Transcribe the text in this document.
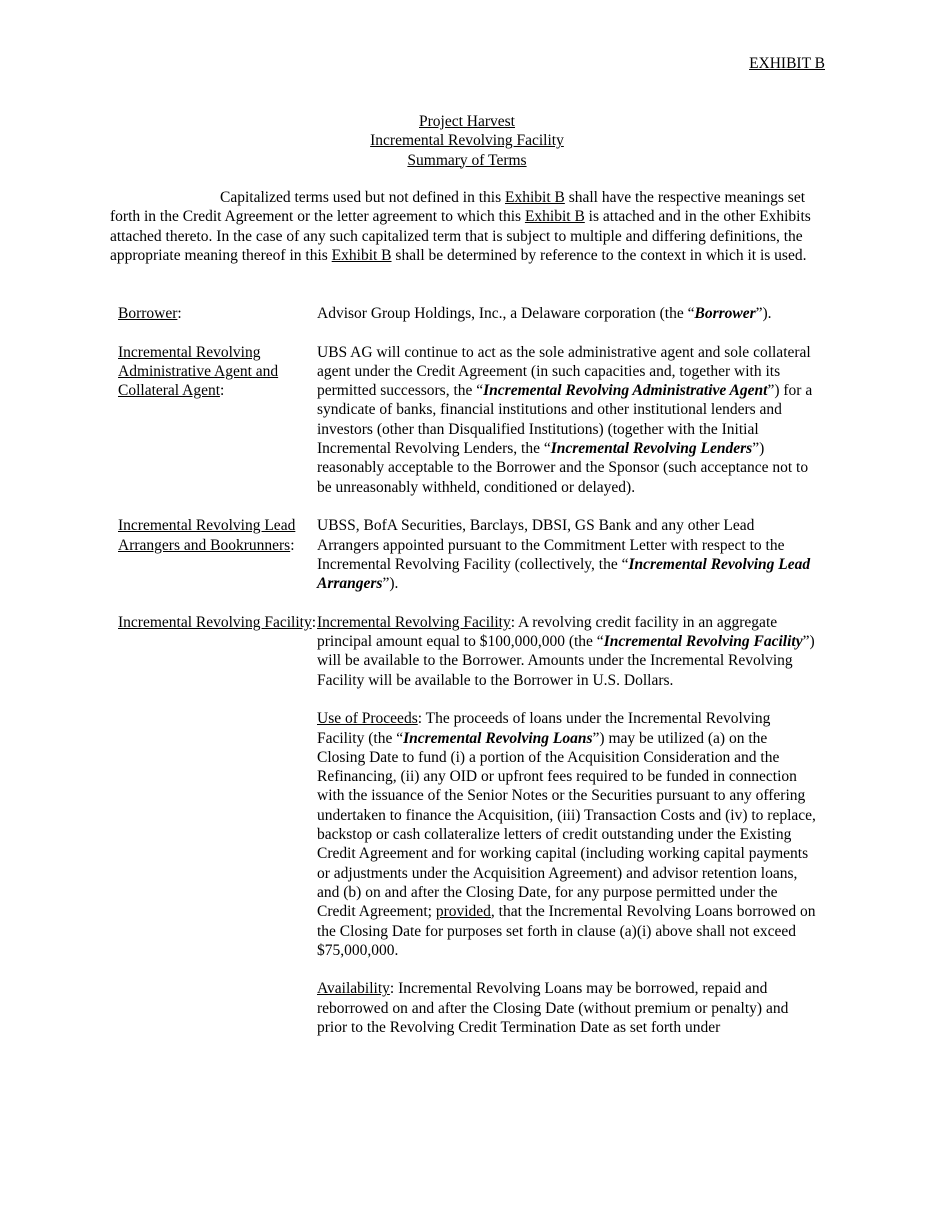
EXHIBIT B
Project Harvest
Incremental Revolving Facility
Summary of Terms

Capitalized terms used but not defined in this Exhibit B shall have the respective meanings set forth in the Credit Agreement or the letter agreement to which this Exhibit B is attached and in the other Exhibits attached thereto. In the case of any such capitalized term that is subject to multiple and differing definitions, the appropriate meaning thereof in this Exhibit B shall be determined by reference to the context in which it is used.

Borrower:	Advisor Group Holdings, Inc., a Delaware corporation (the “Borrower”).

Incremental Revolving Administrative Agent and Collateral Agent:

UBS AG will continue to act as the sole administrative agent and sole collateral agent under the Credit Agreement (in such capacities and, together with its permitted successors, the “Incremental Revolving Administrative Agent”) for a syndicate of banks, financial institutions and other institutional lenders and investors (other than Disqualified Institutions) (together with the Initial Incremental Revolving Lenders, the “Incremental Revolving Lenders”) reasonably acceptable to the Borrower and the Sponsor (such acceptance not to be unreasonably withheld, conditioned or delayed).

Incremental Revolving Lead Arrangers and Bookrunners:

UBSS, BofA Securities, Barclays, DBSI, GS Bank and any other Lead Arrangers appointed pursuant to the Commitment Letter with respect to the Incremental Revolving Facility (collectively, the “Incremental Revolving Lead Arrangers”).

Incremental Revolving Facility: Incremental Revolving Facility: A revolving credit facility in an aggregate principal amount equal to $100,000,000 (the “Incremental Revolving Facility”) will be available to the Borrower. Amounts under the Incremental Revolving Facility will be available to the Borrower in U.S. Dollars.

Use of Proceeds: The proceeds of loans under the Incremental Revolving Facility (the “Incremental Revolving Loans”) may be utilized (a) on the Closing Date to fund (i) a portion of the Acquisition Consideration and the Refinancing, (ii) any OID or upfront fees required to be funded in connection with the issuance of the Senior Notes or the Securities pursuant to any offering undertaken to finance the Acquisition, (iii) Transaction Costs and (iv) to replace, backstop or cash collateralize letters of credit outstanding under the Existing Credit Agreement and for working capital (including working capital payments or adjustments under the Acquisition Agreement) and advisor retention loans, and (b) on and after the Closing Date, for any purpose permitted under the Credit Agreement; provided, that the Incremental Revolving Loans borrowed on the Closing Date for purposes set forth in clause (a)(i) above shall not exceed $75,000,000.

Availability: Incremental Revolving Loans may be borrowed, repaid and reborrowed on and after the Closing Date (without premium or penalty) and prior to the Revolving Credit Termination Date as set forth under
